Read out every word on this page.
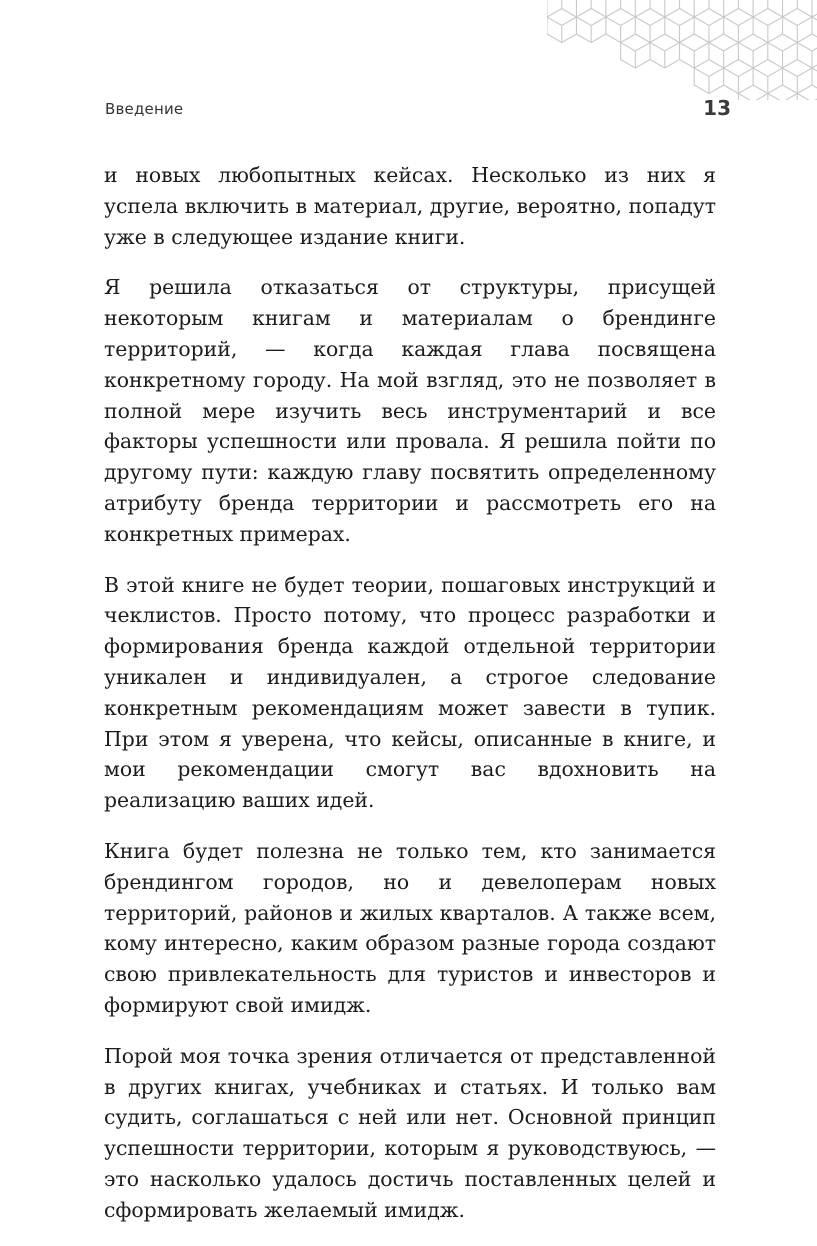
Введение	13

и новых любопытных кейсах. Несколько из них я успела включить в материал, другие, вероятно, попадут уже в следующее издание книги.

Я решила отказаться от структуры, присущей некоторым книгам и материалам о брендинге территорий, — когда каждая глава посвящена конкретному городу. На мой взгляд, это не позволяет в полной мере изучить весь инструментарий и все факторы успешности или провала. Я решила пойти по другому пути: каждую главу посвятить определенному атрибуту бренда территории и рассмотреть его на конкретных примерах.

В этой книге не будет теории, пошаговых инструкций и чеклистов. Просто потому, что процесс разработки и формирования бренда каждой отдельной территории уникален и индивидуален, а строгое следование конкретным рекомендациям может завести в тупик. При этом я уверена, что кейсы, описанные в книге, и мои рекомендации смогут вас вдохновить на реализацию ваших идей.

Книга будет полезна не только тем, кто занимается брендингом городов, но и девелоперам новых территорий, районов и жилых кварталов. А также всем, кому интересно, каким образом разные города создают свою привлекательность для туристов и инвесторов и формируют свой имидж.

Порой моя точка зрения отличается от представленной в других книгах, учебниках и статьях. И только вам судить, соглашаться с ней или нет. Основной принцип успешности территории, которым я руководствуюсь, — это насколько удалось достичь поставленных целей и сформировать желаемый имидж.
